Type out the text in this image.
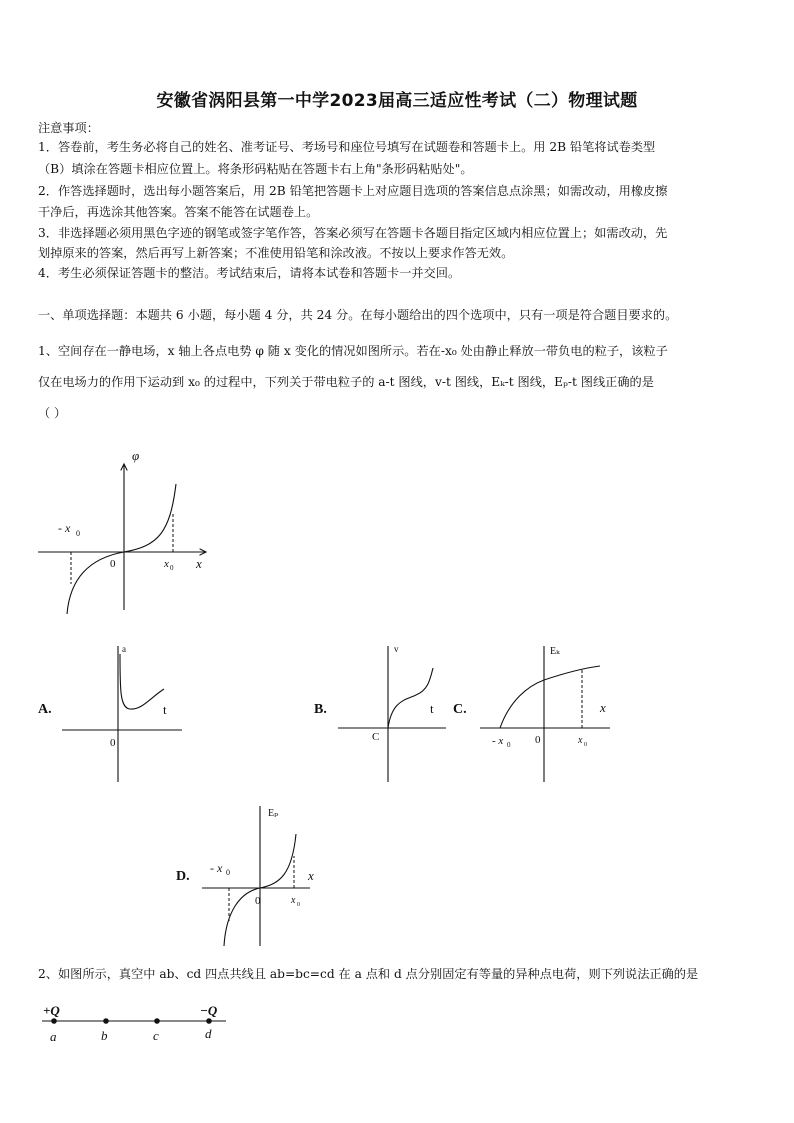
安徽省涡阳县第一中学2023届高三适应性考试（二）物理试题
注意事项：
1．答卷前，考生务必将自己的姓名、准考证号、考场号和座位号填写在试题卷和答题卡上。用 2B 铅笔将试卷类型
（B）填涂在答题卡相应位置上。将条形码粘贴在答题卡右上角"条形码粘贴处"。
2．作答选择题时，选出每小题答案后，用 2B 铅笔把答题卡上对应题目选项的答案信息点涂黑；如需改动，用橡皮擦
干净后，再选涂其他答案。答案不能答在试题卷上。
3．非选择题必须用黑色字迹的钢笔或签字笔作答，答案必须写在答题卡各题目指定区域内相应位置上；如需改动，先
划掉原来的答案，然后再写上新答案；不准使用铅笔和涂改液。不按以上要求作答无效。
4．考生必须保证答题卡的整洁。考试结束后，请将本试卷和答题卡一并交回。
一、单项选择题：本题共 6 小题，每小题 4 分，共 24 分。在每小题给出的四个选项中，只有一项是符合题目要求的。
1、空间存在一静电场，x 轴上各点电势 φ 随 x 变化的情况如图所示。若在-x₀ 处由静止释放一带负电的粒子，该粒子
仅在电场力的作用下运动到 x₀ 的过程中，下列关于带电粒子的 a-t 图线，v-t 图线，Eₖ-t 图线，Eₚ-t 图线正确的是
（ ）
φ
x
0
- x 0
x 0
A.
a
t
0
B.
v
t
C
C.
Eₖ
x
0
- x 0	x 0
D.
Eₚ
x
0
- x 0
x 0
2、如图所示，真空中 ab、cd 四点共线且 ab=bc=cd 在 a 点和 d 点分别固定有等量的异种点电荷，则下列说法正确的是
+Q	−Q
a	b	c	d
